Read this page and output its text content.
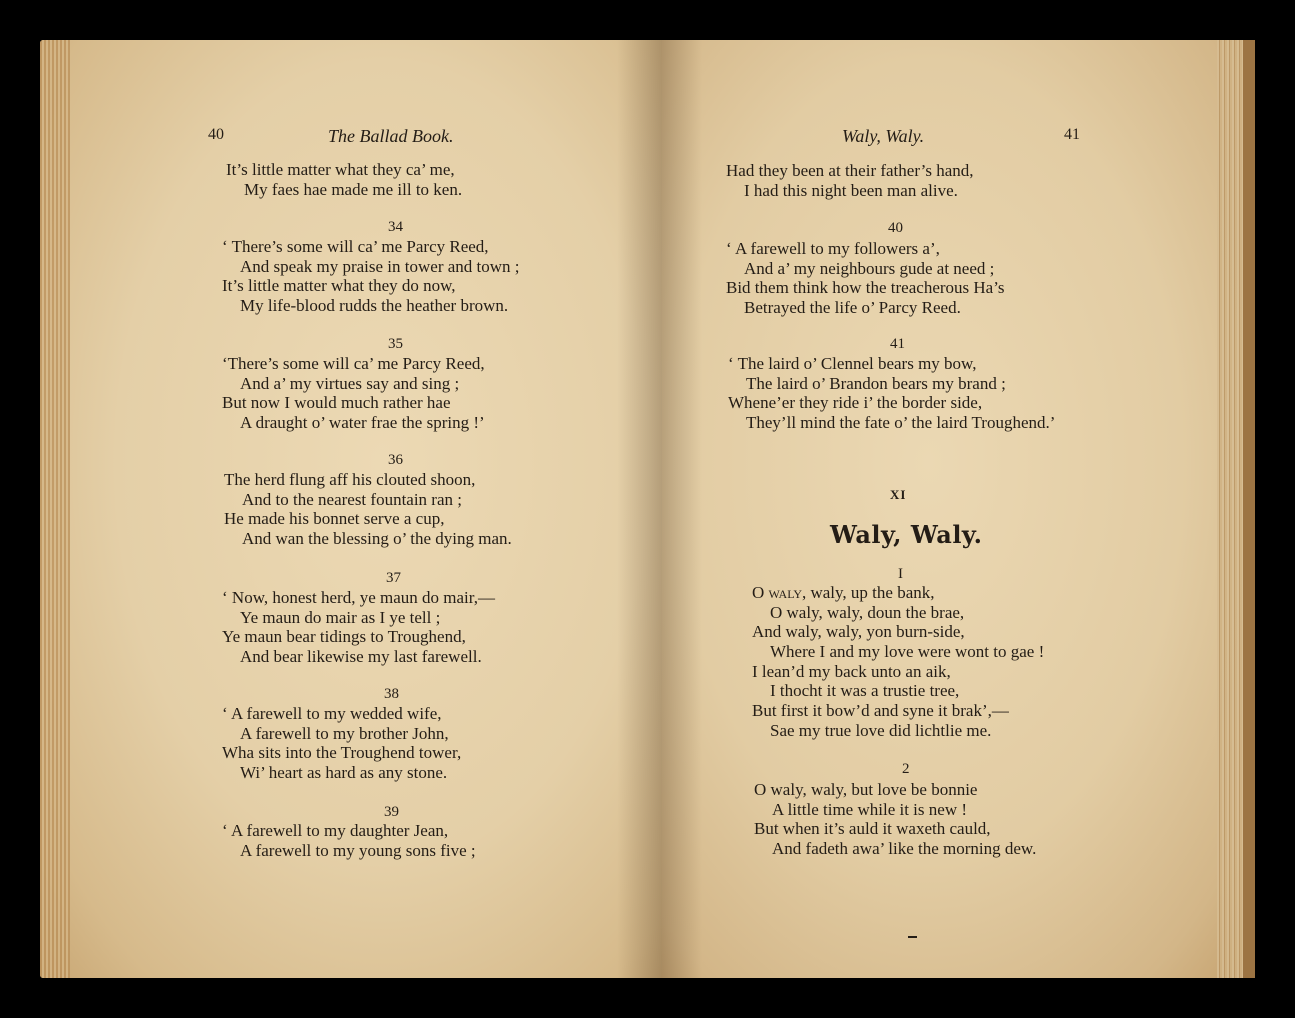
40	The Ballad Book.
It’s little matter what they ca’ me,
My faes hae made me ill to ken.
34
‘ There’s some will ca’ me Parcy Reed,
And speak my praise in tower and town ;
It’s little matter what they do now,
My life-blood rudds the heather brown.
35
‘There’s some will ca’ me Parcy Reed,
And a’ my virtues say and sing ;
But now I would much rather hae
A draught o’ water frae the spring !’
36
The herd flung aff his clouted shoon,
And to the nearest fountain ran ;
He made his bonnet serve a cup,
And wan the blessing o’ the dying man.
37
‘ Now, honest herd, ye maun do mair,—
Ye maun do mair as I ye tell ;
Ye maun bear tidings to Troughend,
And bear likewise my last farewell.
38
‘ A farewell to my wedded wife,
A farewell to my brother John,
Wha sits into the Troughend tower,
Wi’ heart as hard as any stone.
39
‘ A farewell to my daughter Jean,
A farewell to my young sons five ;
Waly, Waly.	41
Had they been at their father’s hand,
I had this night been man alive.
40
‘ A farewell to my followers a’,
And a’ my neighbours gude at need ;
Bid them think how the treacherous Ha’s
Betrayed the life o’ Parcy Reed.
41
‘ The laird o’ Clennel bears my bow,
The laird o’ Brandon bears my brand ;
Whene’er they ride i’ the border side,
They’ll mind the fate o’ the laird Troughend.’
XI
Waly, Waly.
I
O waly, waly, up the bank,
O waly, waly, doun the brae,
And waly, waly, yon burn-side,
Where I and my love were wont to gae !
I lean’d my back unto an aik,
I thocht it was a trustie tree,
But first it bow’d and syne it brak’,—
Sae my true love did lichtlie me.
2
O waly, waly, but love be bonnie
A little time while it is new !
But when it’s auld it waxeth cauld,
And fadeth awa’ like the morning dew.
